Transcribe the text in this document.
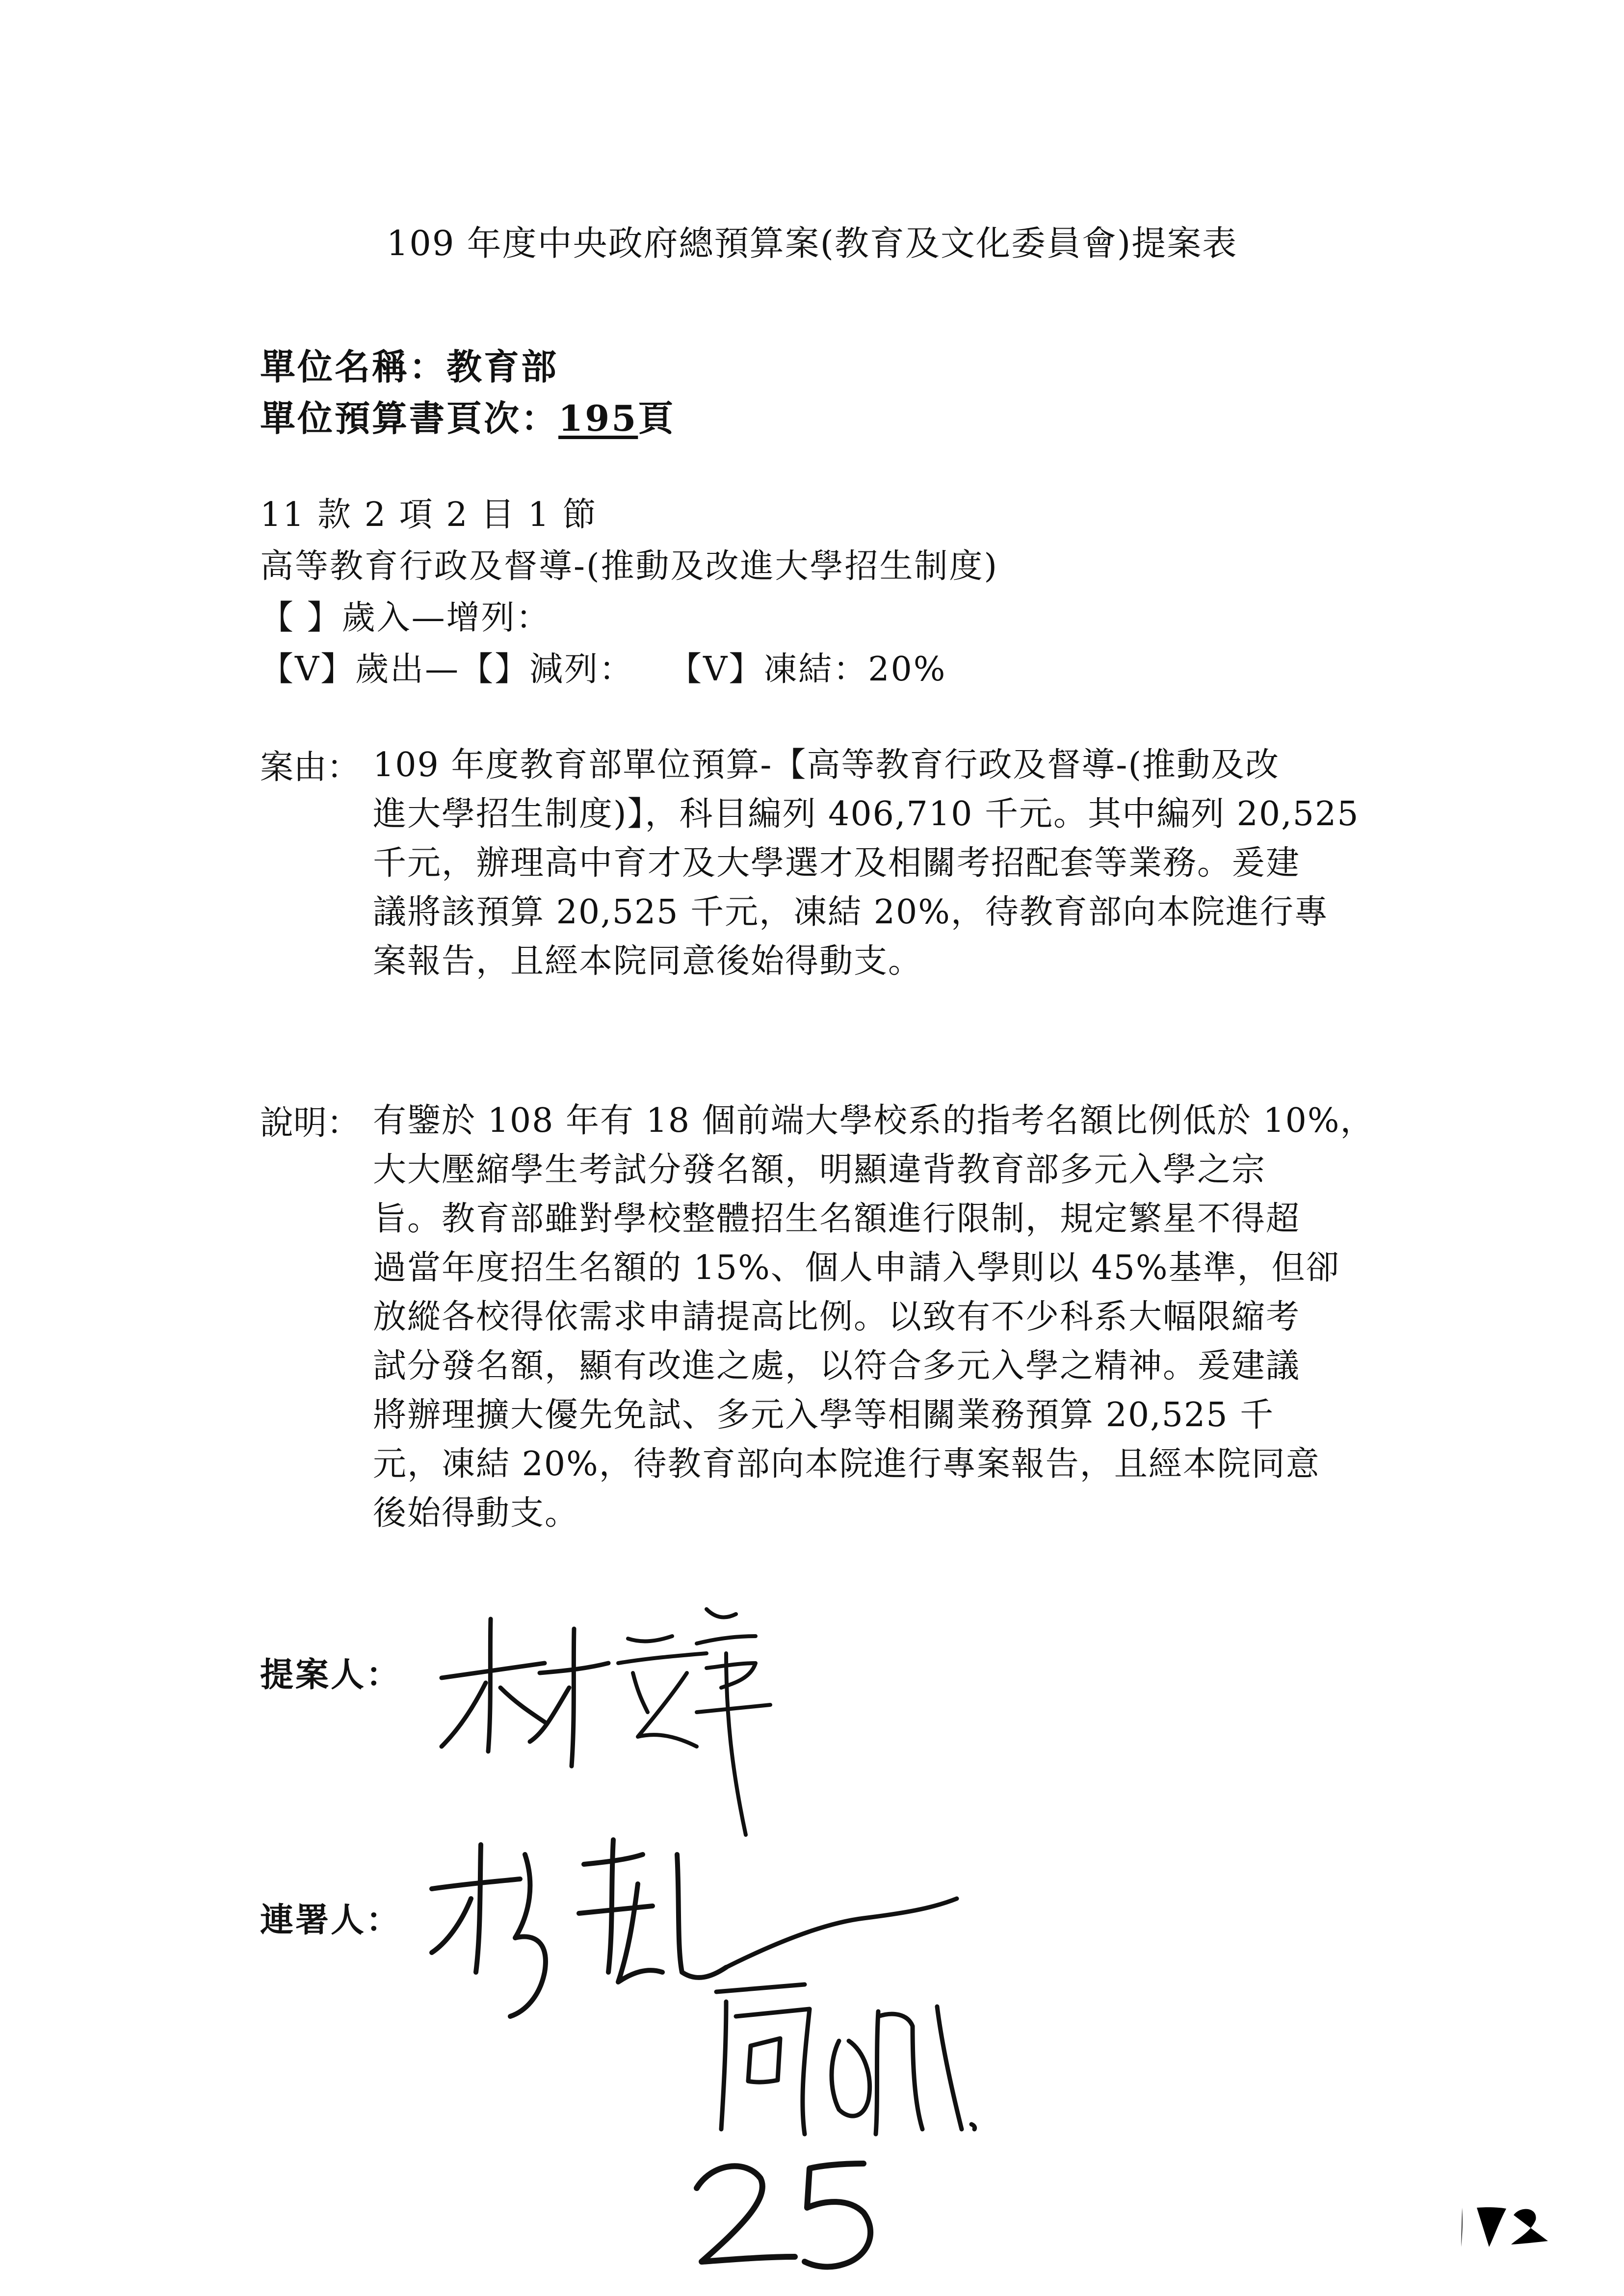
109 年度中央政府總預算案(教育及文化委員會)提案表
單位名稱：教育部
單位預算書頁次：195頁
11 款 2 項 2 目 1 節
高等教育行政及督導-(推動及改進大學招生制度)
【 】歲入—增列：
【V】歲出—【】減列： 【V】凍結：20%
案由： 109 年度教育部單位預算-【高等教育行政及督導-(推動及改
進大學招生制度)】，科目編列 406,710 千元。其中編列 20,525
千元，辦理高中育才及大學選才及相關考招配套等業務。爰建
議將該預算 20,525 千元，凍結 20%，待教育部向本院進行專
案報告，且經本院同意後始得動支。
說明： 有鑒於 108 年有 18 個前端大學校系的指考名額比例低於 10%，
大大壓縮學生考試分發名額，明顯違背教育部多元入學之宗
旨。教育部雖對學校整體招生名額進行限制，規定繁星不得超
過當年度招生名額的 15%、個人申請入學則以 45%基準，但卻
放縱各校得依需求申請提高比例。以致有不少科系大幅限縮考
試分發名額，顯有改進之處，以符合多元入學之精神。爰建議
將辦理擴大優先免試、多元入學等相關業務預算 20,525 千
元，凍結 20%，待教育部向本院進行專案報告，且經本院同意
後始得動支。
提案人：
連署人：
